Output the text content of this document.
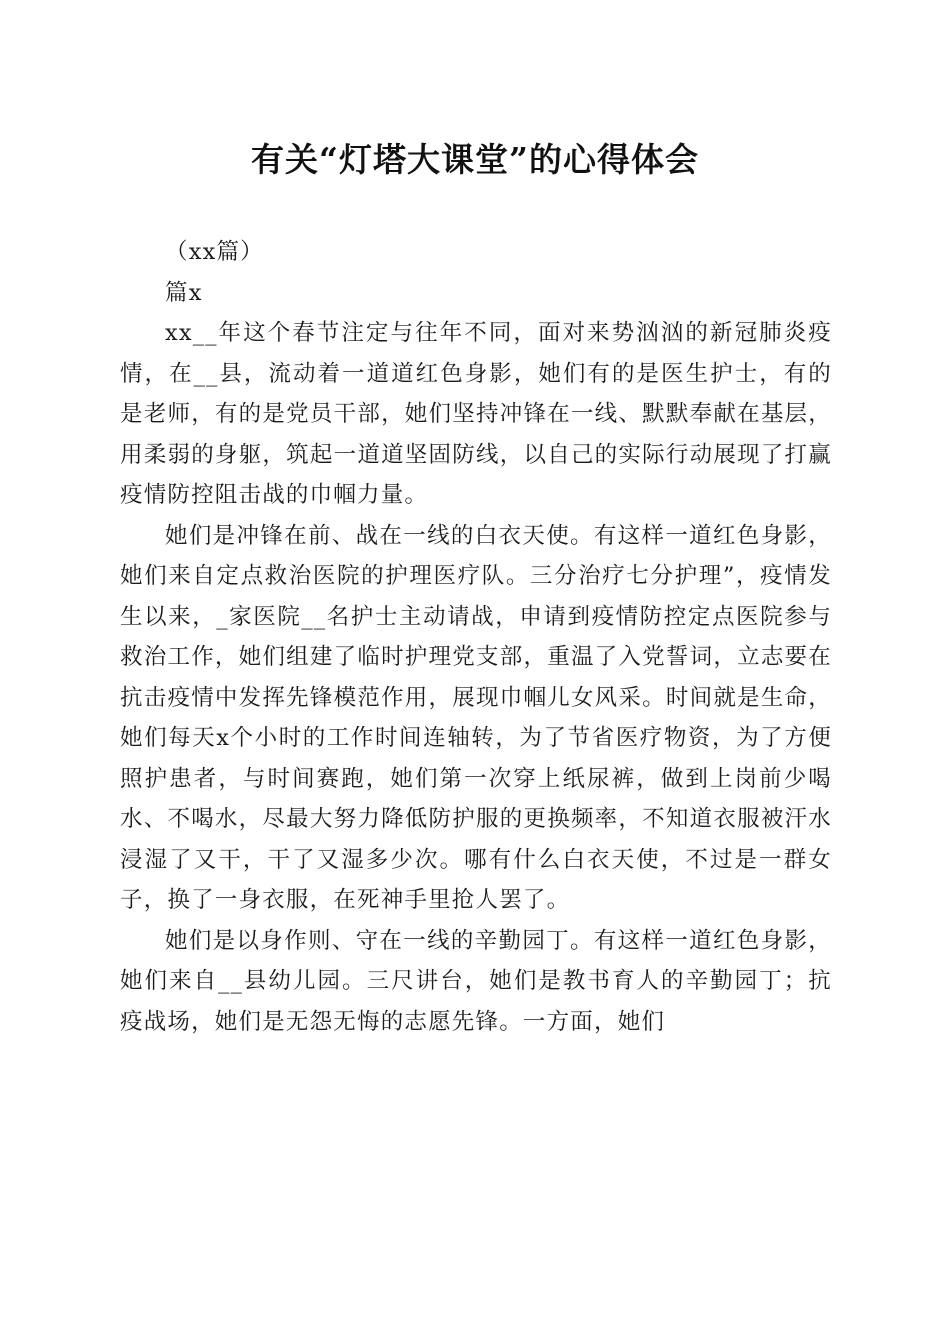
有关“灯塔大课堂”的心得体会

（xx篇）

篇x

xx__年这个春节注定与往年不同，面对来势汹汹的新冠肺炎疫情，在__县，流动着一道道红色身影，她们有的是医生护士，有的是老师，有的是党员干部，她们坚持冲锋在一线、默默奉献在基层，用柔弱的身躯，筑起一道道坚固防线，以自己的实际行动展现了打赢疫情防控阻击战的巾帼力量。

她们是冲锋在前、战在一线的白衣天使。有这样一道红色身影，她们来自定点救治医院的护理医疗队。三分治疗七分护理”，疫情发生以来，_家医院__名护士主动请战，申请到疫情防控定点医院参与救治工作，她们组建了临时护理党支部，重温了入党誓词，立志要在抗击疫情中发挥先锋模范作用，展现巾帼儿女风采。时间就是生命，她们每天x个小时的工作时间连轴转，为了节省医疗物资，为了方便照护患者，与时间赛跑，她们第一次穿上纸尿裤，做到上岗前少喝水、不喝水，尽最大努力降低防护服的更换频率，不知道衣服被汗水浸湿了又干，干了又湿多少次。哪有什么白衣天使，不过是一群女子，换了一身衣服，在死神手里抢人罢了。

她们是以身作则、守在一线的辛勤园丁。有这样一道红色身影，她们来自__县幼儿园。三尺讲台，她们是教书育人的辛勤园丁；抗疫战场，她们是无怨无悔的志愿先锋。一方面，她们
